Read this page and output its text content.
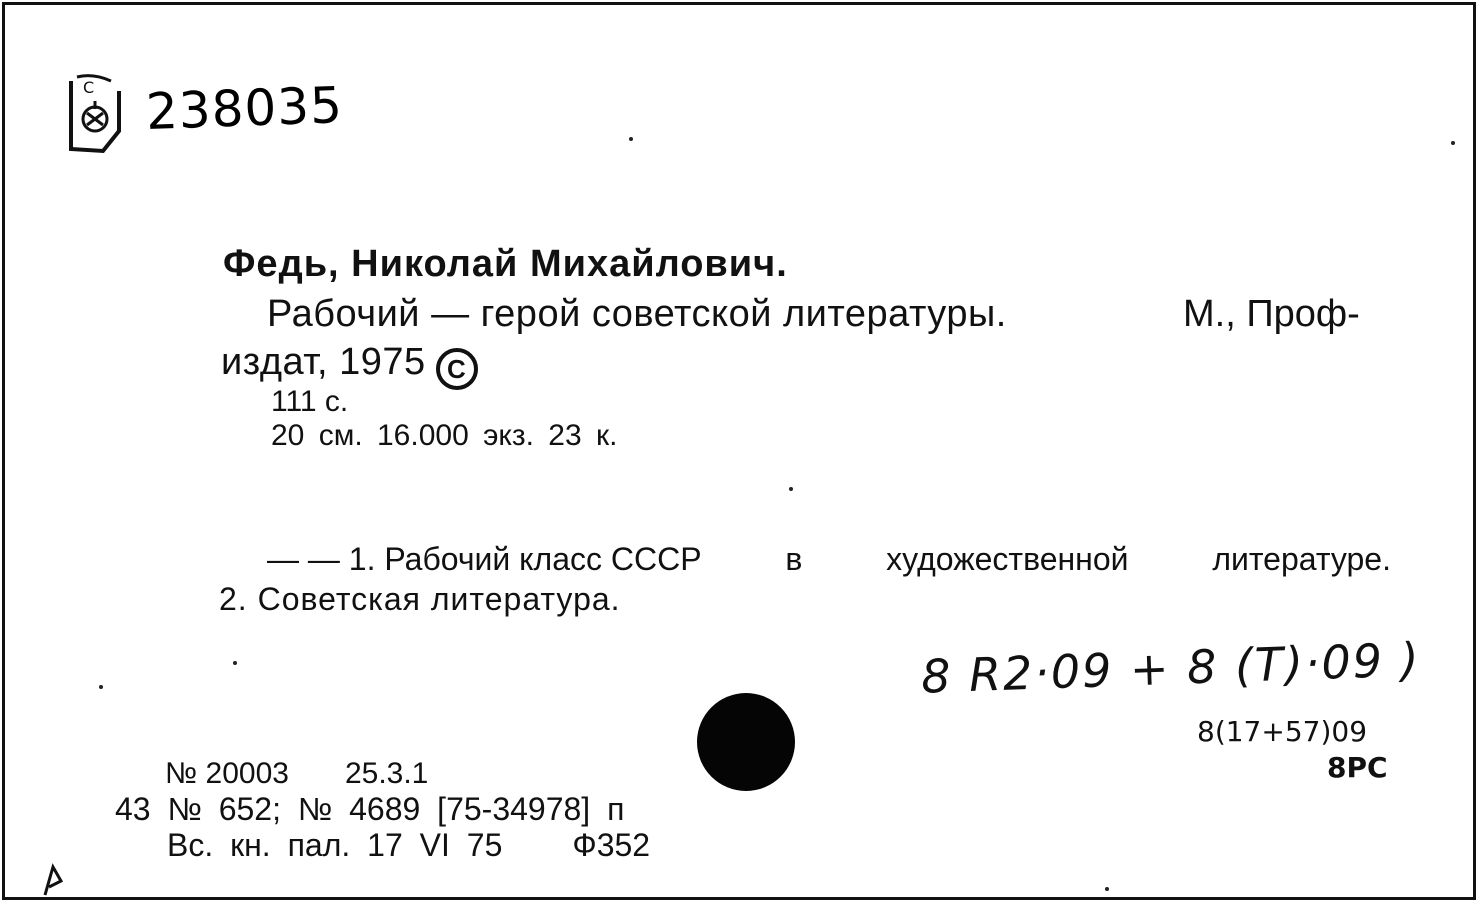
C 238035
Федь, Николай Михайлович.
Рабочий — герой советской литературы.	М., Проф-
издат, 1975 C
111 с.
20 см. 16.000 экз. 23 к.
— — 1. Рабочий класс СССР	в	художественной	литературе.
2. Советская литература.
8 R2·09 + 8 (Т)·09 )
8(17+57)09
8РС
№ 20003 25.3.1
43 № 652; № 4689 [75-34978] п
Вс. кн. пал. 17 VI 75 Ф352
